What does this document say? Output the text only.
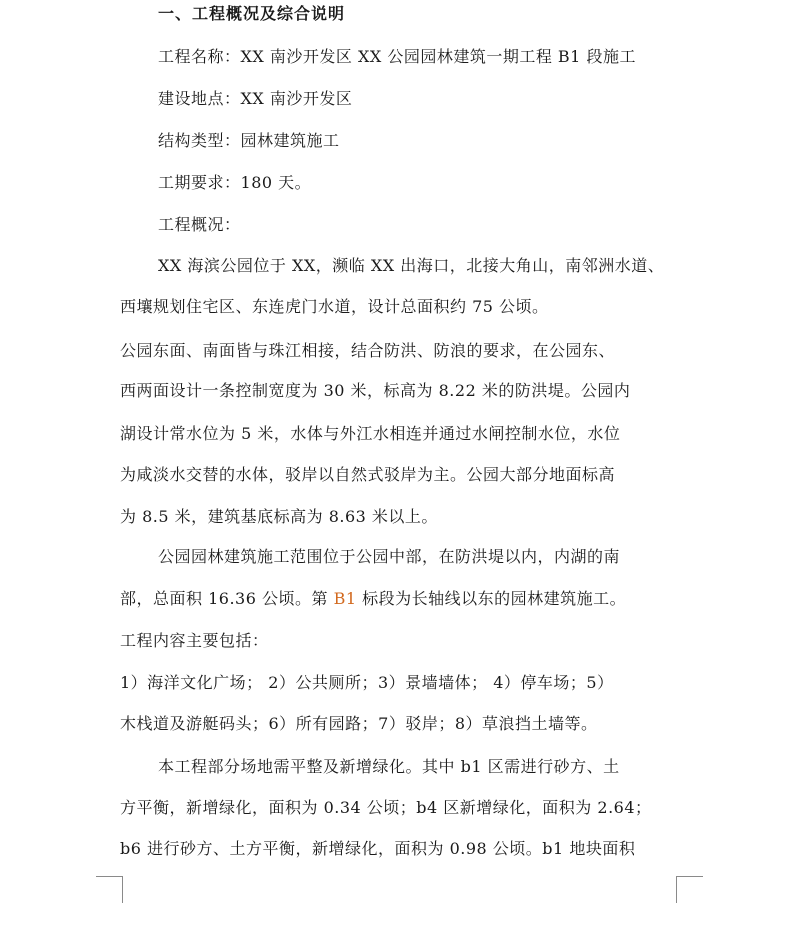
一、工程概况及综合说明
工程名称：XX 南沙开发区 XX 公园园林建筑一期工程 B1 段施工
建设地点：XX 南沙开发区
结构类型：园林建筑施工
工期要求：180 天。
工程概况：
XX 海滨公园位于 XX，濒临 XX 出海口，北接大角山，南邻洲水道、
西壤规划住宅区、东连虎门水道，设计总面积约 75 公顷。
公园东面、南面皆与珠江相接，结合防洪、防浪的要求，在公园东、
西两面设计一条控制宽度为 30 米，标高为 8.22 米的防洪堤。公园内
湖设计常水位为 5 米，水体与外江水相连并通过水闸控制水位，水位
为咸淡水交替的水体，驳岸以自然式驳岸为主。公园大部分地面标高
为 8.5 米，建筑基底标高为 8.63 米以上。
公园园林建筑施工范围位于公园中部，在防洪堤以内，内湖的南
部，总面积 16.36 公顷。第 B1 标段为长轴线以东的园林建筑施工。
工程内容主要包括：
1）海洋文化广场； 2）公共厕所；3）景墙墙体； 4）停车场；5）
木栈道及游艇码头；6）所有园路；7）驳岸；8）草浪挡土墙等。
本工程部分场地需平整及新增绿化。其中 b1 区需进行砂方、土
方平衡，新增绿化，面积为 0.34 公顷；b4 区新增绿化，面积为 2.64；
b6 进行砂方、土方平衡，新增绿化，面积为 0.98 公顷。b1 地块面积
